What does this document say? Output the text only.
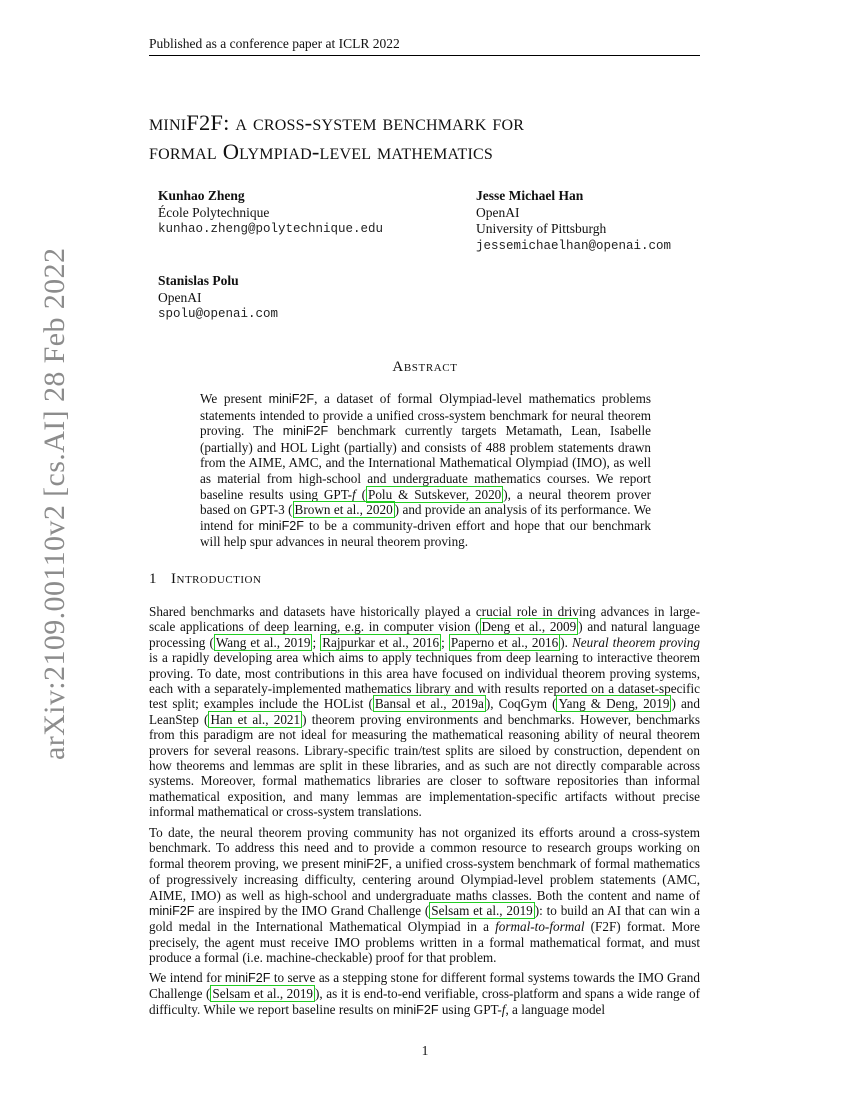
Published as a conference paper at ICLR 2022
arXiv:2109.00110v2 [cs.AI] 28 Feb 2022
miniF2F: a cross-system benchmark for
formal Olympiad-level mathematics
Kunhao Zheng
École Polytechnique
kunhao.zheng@polytechnique.edu
Jesse Michael Han
OpenAI
University of Pittsburgh
jessemichaelhan@openai.com
Stanislas Polu
OpenAI
spolu@openai.com
Abstract
We present miniF2F, a dataset of formal Olympiad-level mathematics problems statements intended to provide a unified cross-system benchmark for neural theorem proving. The miniF2F benchmark currently targets Metamath, Lean, Isabelle (partially) and HOL Light (partially) and consists of 488 problem statements drawn from the AIME, AMC, and the International Mathematical Olympiad (IMO), as well as material from high-school and undergraduate mathematics courses. We report baseline results using GPT-f ( Polu & Sutskever, 2020 ), a neural theorem prover based on GPT-3 ( Brown et al., 2020 ) and provide an analysis of its performance. We intend for miniF2F to be a community-driven effort and hope that our benchmark will help spur advances in neural theorem proving.
1 Introduction
Shared benchmarks and datasets have historically played a crucial role in driving advances in large-scale applications of deep learning, e.g. in computer vision ( Deng et al., 2009 ) and natural language processing ( Wang et al., 2019 ; Rajpurkar et al., 2016 ; Paperno et al., 2016 ). Neural theorem proving is a rapidly developing area which aims to apply techniques from deep learning to interactive theorem proving. To date, most contributions in this area have focused on individual theorem proving systems, each with a separately-implemented mathematics library and with results reported on a dataset-specific test split; examples include the HOList ( Bansal et al., 2019a ), CoqGym ( Yang & Deng, 2019 ) and LeanStep ( Han et al., 2021 ) theorem proving environments and benchmarks. However, benchmarks from this paradigm are not ideal for measuring the mathematical reasoning ability of neural theorem provers for several reasons. Library-specific train/test splits are siloed by construction, dependent on how theorems and lemmas are split in these libraries, and as such are not directly comparable across systems. Moreover, formal mathematics libraries are closer to software repositories than informal mathematical exposition, and many lemmas are implementation-specific artifacts without precise informal mathematical or cross-system translations.
To date, the neural theorem proving community has not organized its efforts around a cross-system benchmark. To address this need and to provide a common resource to research groups working on formal theorem proving, we present miniF2F, a unified cross-system benchmark of formal mathematics of progressively increasing difficulty, centering around Olympiad-level problem statements (AMC, AIME, IMO) as well as high-school and undergraduate maths classes. Both the content and name of miniF2F are inspired by the IMO Grand Challenge ( Selsam et al., 2019 ): to build an AI that can win a gold medal in the International Mathematical Olympiad in a formal-to-formal (F2F) format. More precisely, the agent must receive IMO problems written in a formal mathematical format, and must produce a formal (i.e. machine-checkable) proof for that problem.
We intend for miniF2F to serve as a stepping stone for different formal systems towards the IMO Grand Challenge ( Selsam et al., 2019 ), as it is end-to-end verifiable, cross-platform and spans a wide range of difficulty. While we report baseline results on miniF2F using GPT-f, a language model
1
